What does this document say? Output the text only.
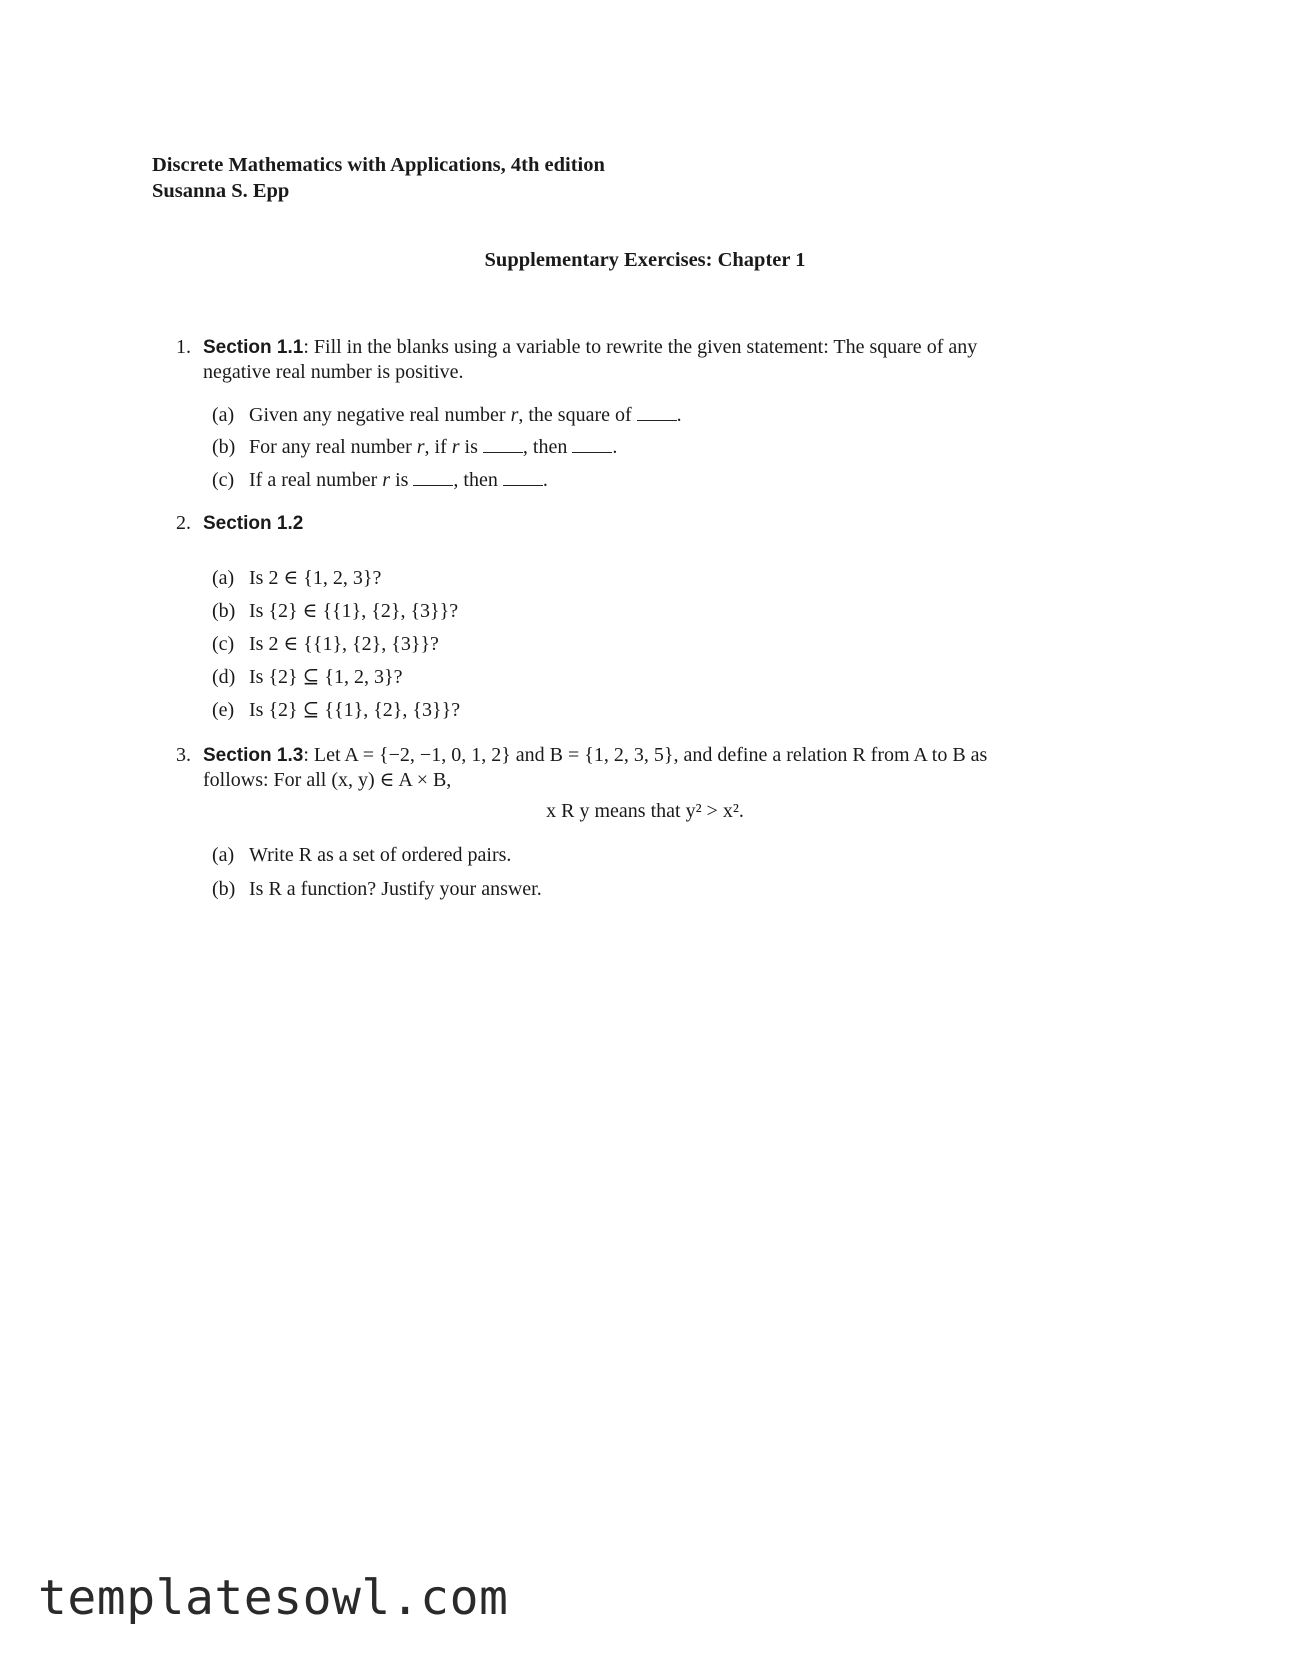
Discrete Mathematics with Applications, 4th edition
Susanna S. Epp
Supplementary Exercises: Chapter 1
1. Section 1.1: Fill in the blanks using a variable to rewrite the given statement: The square of any
negative real number is positive.
(a) Given any negative real number r, the square of .
(b) For any real number r, if r is , then .
(c) If a real number r is , then .
2. Section 1.2
(a) Is 2 ∈ {1, 2, 3}?
(b) Is {2} ∈ {{1}, {2}, {3}}?
(c) Is 2 ∈ {{1}, {2}, {3}}?
(d) Is {2} ⊆ {1, 2, 3}?
(e) Is {2} ⊆ {{1}, {2}, {3}}?
3. Section 1.3: Let A = {−2, −1, 0, 1, 2} and B = {1, 2, 3, 5}, and define a relation R from A to B as
follows: For all (x, y) ∈ A × B,
x R y means that y² > x².
(a) Write R as a set of ordered pairs.
(b) Is R a function? Justify your answer.
templatesowl.com
